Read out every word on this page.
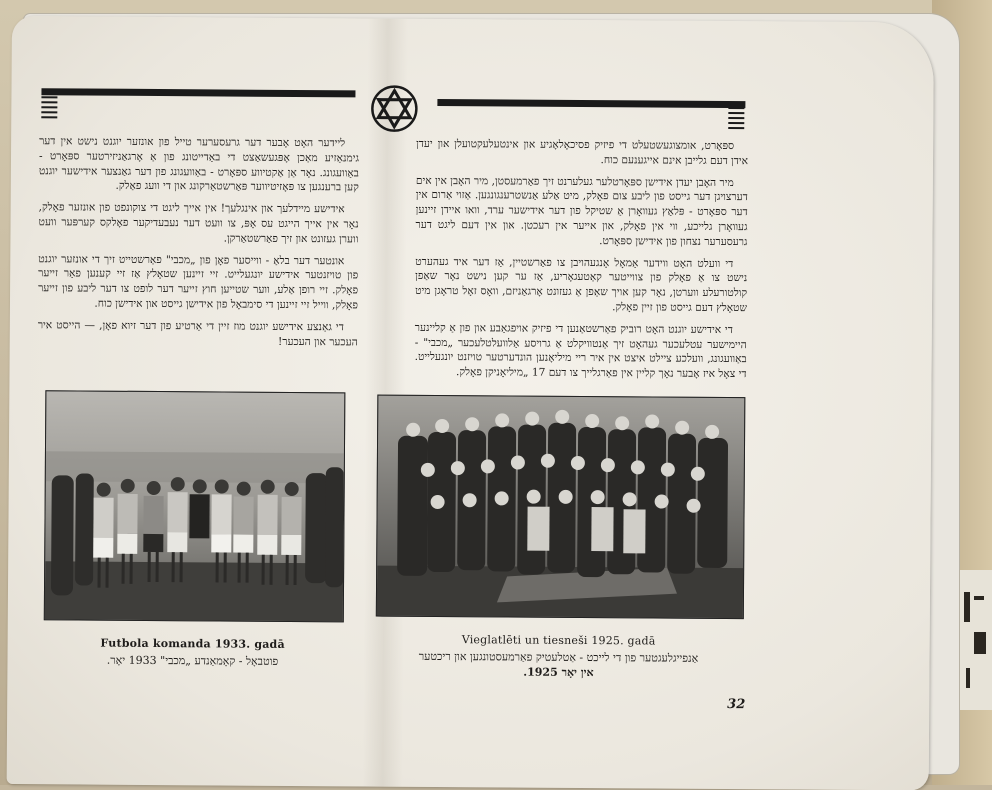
ליידער האָט אָבער דער גרעסערער טייל פון אונזער יוגנט נישט אין דער גימנאַזיע מאַכן אָפּגעשאַצט די באַדייטונג פון אַ אָרגאַניזירטער ספּאָרט - באַוועגונג. נאָר אַן אַקטיווע ספּאָרט - באַוועגונג פון דער גאַנצער אידישער יוגנט קען ברענגען צו פּאָזיטיווער פּאַרשטאַרקונג און די וועג פאַלק.

אידישע מיידלעך און אינגלעך! אין אייך ליגט די צוקונפט פון אונזער פאָלק, נאָר אין אייך הייגט עס אָפּ, צו וועט דער נעבעדיקער פאָלקס קערפּער וועט ווערן געזונט און זיך פאַרשטאַרקן.

אונטער דער בלאַ - ווייסער פאָן פון „מכבי" פאַרשטייט זיך די אונזער יוגנט פון טויזנטער אידישע יונגעלייט. זיי זיינען שטאָלץ אַז זיי קענען פאַר זייער פאָלק. זיי רופן אַלע, ווער שטייען חוץ זייער דער לופט צו דער ליבע פון זייער פאָלק, ווייל זיי זיינען די סימבאָל פון אידישן גייסט און אידישן כוח.

די גאַנצע אידישע יוגנט מוז זיין די אַרטיע פון דער זיוא פאָן, — הייסט איר העכער און העכער!

ספּאָרט, אומצוגעשטעלט די פיזיק פסיכאָלאָגיע און אינטעלעקטועלן און יעדן אידן דעם גלייבן אינם אייגענעם כוח.

מיר האָבן יעדן אידישן ספּאָרטלער געלערנט זיך פאַרמעסטן, מיר האָבן אין אים דערצויגן דער גייסט פון ליבע צום פאָלק, מיט אַלע אַנשטרענגונגען. אַזוי אַרום אין דער ספּאָרט - פּלאַץ געוואָרן אַ שטיקל פון דער אידישער ערד, וואו איידן זיינען געוואָרן גלייכע, ווי אין פאָלק, און אייער אין רעכטן. און אין דעם ליגט דער גרעסערער נצחון פון אידישן ספּאָרט.

די וועלט האָט ווידער אַמאָל אָנגעהויבן צו פאַרשטיין, אַז דער איד געהערט נישט צו אַ פאָלק פון צווייטער קאַטעגאָריע, אַז ער קען נישט נאָר שאַפן קולטורעלע ווערטן, נאָר קען אויך שאַפן אַ געזונט אָרגאַניזם, וואָס זאָל טראָגן מיט שטאָלץ דעם גייסט פון זיין פאָלק.

די אידישע יוגנט האָט רוביק פאַרשטאַנען די פיזיק אויפגאַבע און פון אַ קליינער היימישער עטלעכער געהאָט זיך אַנטוויקלט אַ גרויסע אַלוועלטלעכער „מכבי" - באַוועגונג, וועלכע ציילט איצט אין איר ריי מיליאָנען הונדערטער טויזנט יונגעלייט. די צאָל איז אָבער נאָך קליין אין פאַרגלייך צו דעם 17 „מיליאָניקן פאָלק.

Futbola komanda 1933. gadā
פוטבאָל - קאָמאַנדע „מכבי" 1933 יאָר.
Vieglatlēti un tiesneši 1925. gadā
אַנפייגלעגטער פון די לייכט - אַטלעטיק פאַרמעסטונגען און ריכטער
אין יאָר 1925.
32
